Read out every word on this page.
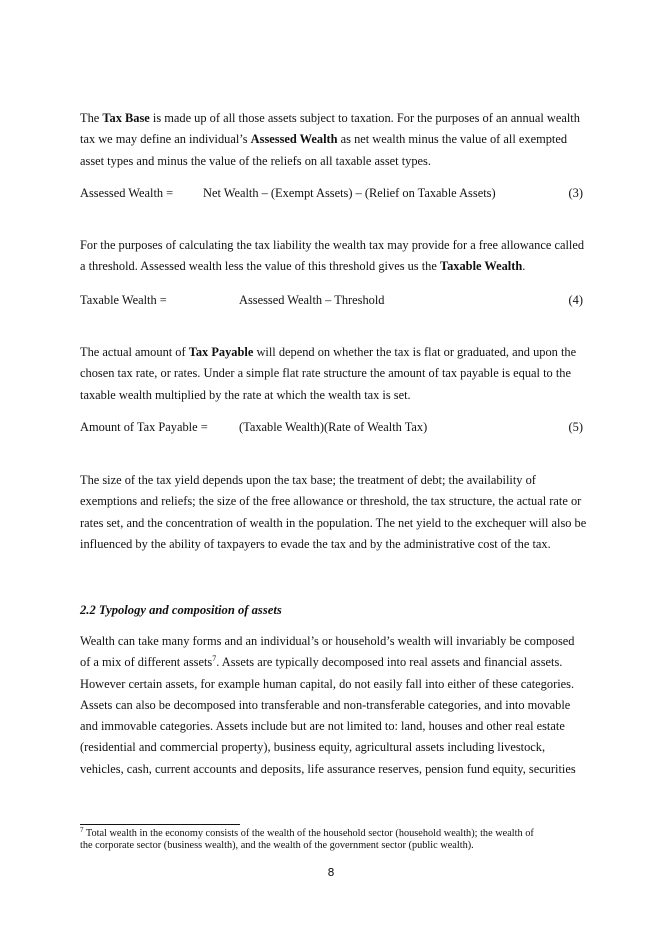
The Tax Base is made up of all those assets subject to taxation. For the purposes of an annual wealth
tax we may define an individual’s Assessed Wealth as net wealth minus the value of all exempted
asset types and minus the value of the reliefs on all taxable asset types.

Assessed Wealth = Net Wealth – (Exempt Assets) – (Relief on Taxable Assets)	(3)

For the purposes of calculating the tax liability the wealth tax may provide for a free allowance called
a threshold. Assessed wealth less the value of this threshold gives us the Taxable Wealth.

Taxable Wealth =	Assessed Wealth – Threshold	(4)

The actual amount of Tax Payable will depend on whether the tax is flat or graduated, and upon the
chosen tax rate, or rates. Under a simple flat rate structure the amount of tax payable is equal to the
taxable wealth multiplied by the rate at which the wealth tax is set.

Amount of Tax Payable =	(Taxable Wealth)(Rate of Wealth Tax)	(5)

The size of the tax yield depends upon the tax base; the treatment of debt; the availability of
exemptions and reliefs; the size of the free allowance or threshold, the tax structure, the actual rate or
rates set, and the concentration of wealth in the population. The net yield to the exchequer will also be
influenced by the ability of taxpayers to evade the tax and by the administrative cost of the tax.

2.2 Typology and composition of assets

Wealth can take many forms and an individual’s or household’s wealth will invariably be composed
of a mix of different assets$^7$. Assets are typically decomposed into real assets and financial assets.
However certain assets, for example human capital, do not easily fall into either of these categories.
Assets can also be decomposed into transferable and non-transferable categories, and into movable
and immovable categories. Assets include but are not limited to: land, houses and other real estate
(residential and commercial property), business equity, agricultural assets including livestock,
vehicles, cash, current accounts and deposits, life assurance reserves, pension fund equity, securities

$^7$ Total wealth in the economy consists of the wealth of the household sector (household wealth); the wealth of
the corporate sector (business wealth), and the wealth of the government sector (public wealth).
8
